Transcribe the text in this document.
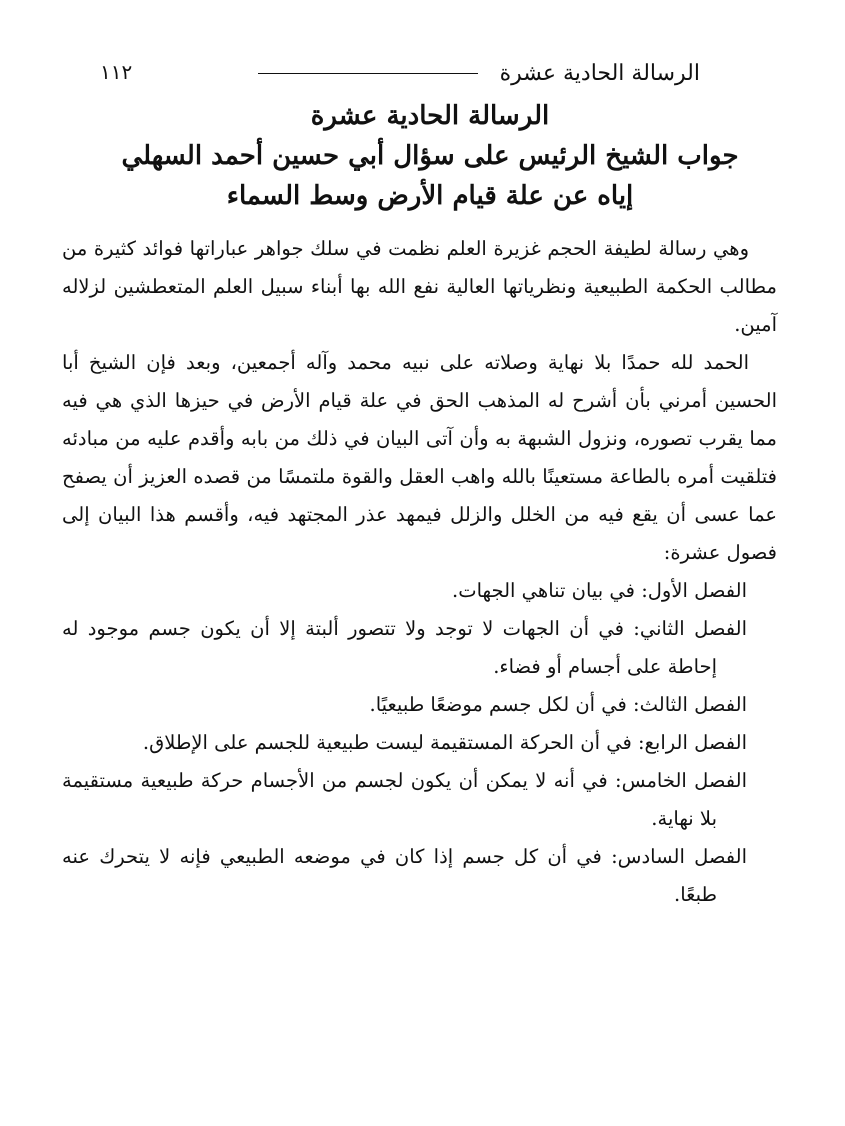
الرسالة الحادية عشرة
١١٢
الرسالة الحادية عشرة
جواب الشيخ الرئيس على سؤال أبي حسين أحمد السهلي
إياه عن علة قيام الأرض وسط السماء

وهي رسالة لطيفة الحجم غزيرة العلم نظمت في سلك جواهر عباراتها فوائد كثيرة من مطالب الحكمة الطبيعية ونظرياتها العالية نفع الله بها أبناء سبيل العلم المتعطشين لزلاله آمين.

الحمد لله حمدًا بلا نهاية وصلاته على نبيه محمد وآله أجمعين، وبعد فإن الشيخ أبا الحسين أمرني بأن أشرح له المذهب الحق في علة قيام الأرض في حيزها الذي هي فيه مما يقرب تصوره، ونزول الشبهة به وأن آتى البيان في ذلك من بابه وأقدم عليه من مبادئه فتلقيت أمره بالطاعة مستعينًا بالله واهب العقل والقوة ملتمسًا من قصده العزيز أن يصفح عما عسى أن يقع فيه من الخلل والزلل فيمهد عذر المجتهد فيه، وأقسم هذا البيان إلى فصول عشرة:

الفصل الأول: في بيان تناهي الجهات.
الفصل الثاني: في أن الجهات لا توجد ولا تتصور ألبتة إلا أن يكون جسم موجود له إحاطة على أجسام أو فضاء.
الفصل الثالث: في أن لكل جسم موضعًا طبيعيًا.
الفصل الرابع: في أن الحركة المستقيمة ليست طبيعية للجسم على الإطلاق.
الفصل الخامس: في أنه لا يمكن أن يكون لجسم من الأجسام حركة طبيعية مستقيمة بلا نهاية.
الفصل السادس: في أن كل جسم إذا كان في موضعه الطبيعي فإنه لا يتحرك عنه طبعًا.
